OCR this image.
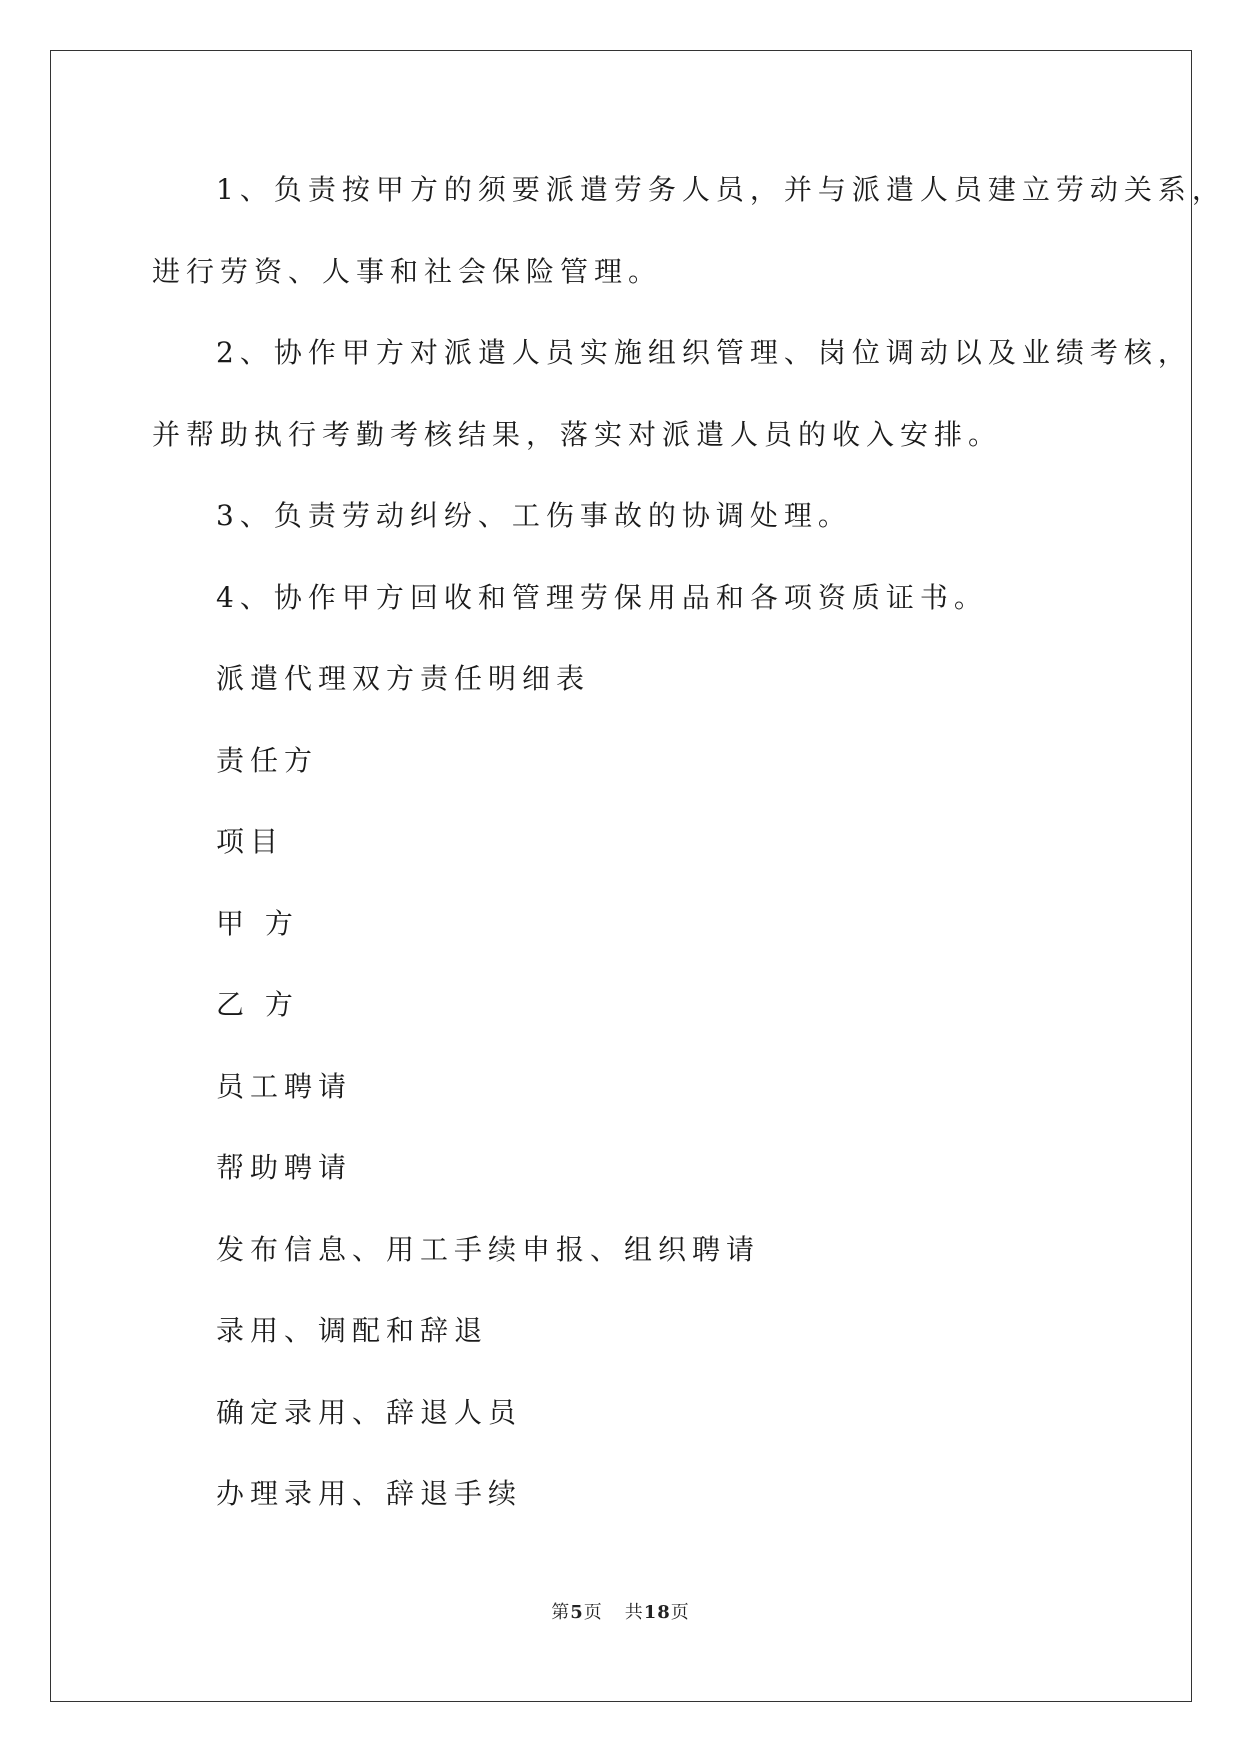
1、负责按甲方的须要派遣劳务人员，并与派遣人员建立劳动关系，
进行劳资、人事和社会保险管理。
2、协作甲方对派遣人员实施组织管理、岗位调动以及业绩考核，
并帮助执行考勤考核结果，落实对派遣人员的收入安排。
3、负责劳动纠纷、工伤事故的协调处理。
4、协作甲方回收和管理劳保用品和各项资质证书。
派遣代理双方责任明细表
责任方
项目
甲 方
乙 方
员工聘请
帮助聘请
发布信息、用工手续申报、组织聘请
录用、调配和辞退
确定录用、辞退人员
办理录用、辞退手续
第5页 共18页
